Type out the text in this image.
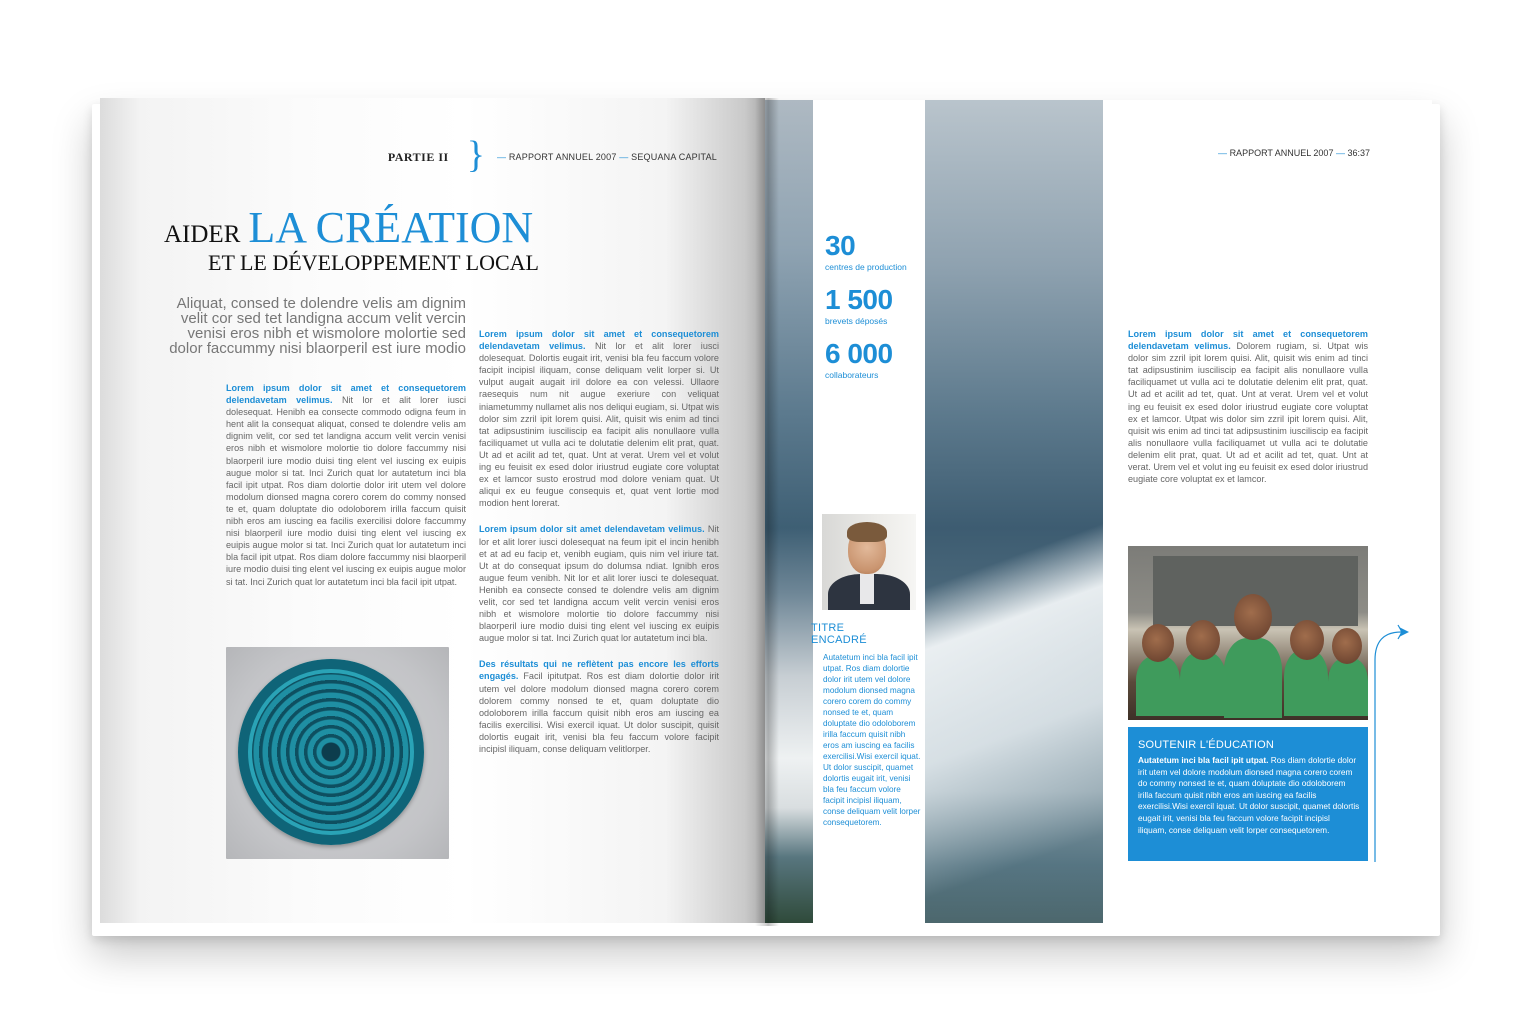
PARTIE II } — RAPPORT ANNUEL 2007 — SEQUANA CAPITAL
AIDER LA CRÉATION
ET LE DÉVELOPPEMENT LOCAL
Aliquat, consed te dolendre velis am dignim velit cor sed tet landigna accum velit vercin venisi eros nibh et wismolore molortie sed dolor faccummy nisi blaorperil est iure modio

Lorem ipsum dolor sit amet et consequetorem delendavetam velimus. Nit lor et alit lorer iusci dolesequat. Henibh ea consecte commodo odigna feum in hent alit la consequat aliquat, consed te dolendre velis am dignim velit, cor sed tet landigna accum velit vercin venisi eros nibh et wismolore molortie tio dolore faccummy nisi blaorperil iure modio duisi ting elent vel iuscing ex euipis augue molor si tat. Inci Zurich quat lor autatetum inci bla facil ipit utpat. Ros diam dolortie dolor irit utem vel dolore modolum dionsed magna corero corem do commy nonsed te et, quam doluptate dio odoloborem irilla faccum quisit nibh eros am iuscing ea facilis exercilisi dolore faccummy nisi blaorperil iure modio duisi ting elent vel iuscing ex euipis augue molor si tat. Inci Zurich quat lor autatetum inci bla facil ipit utpat. Ros diam dolore faccummy nisi blaorperil iure modio duisi ting elent vel iuscing ex euipis augue molor si tat. Inci Zurich quat lor autatetum inci bla facil ipit utpat.

Lorem ipsum dolor sit amet et consequetorem delendavetam velimus. Nit lor et alit lorer iusci dolesequat. Dolortis eugait irit, venisi bla feu faccum volore facipit incipisl iliquam, conse deliquam velit lorper si. Ut vulput augait augait iril dolore ea con velessi. Ullaore raesequis num nit augue exeriure con veliquat iniametummy nullamet alis nos deliqui eugiam, si. Utpat wis dolor sim zzril ipit lorem quisi. Alit, quisit wis enim ad tinci tat adipsustinim iusciliscip ea facipit alis nonullaore vulla faciliquamet ut vulla aci te dolutatie delenim elit prat, quat. Ut ad et acilit ad tet, quat. Unt at verat. Urem vel et volut ing eu feuisit ex esed dolor iriustrud eugiate core voluptat ex et lamcor susto erostrud mod dolore veniam quat. Ut aliqui ex eu feugue consequis et, quat vent lortie mod modion hent lorerat.

Lorem ipsum dolor sit amet delendavetam velimus. Nit lor et alit lorer iusci dolesequat na feum ipit el incin henibh et at ad eu facip et, venibh eugiam, quis nim vel iriure tat. Ut at do consequat ipsum do dolumsa ndiat. Ignibh eros augue feum venibh. Nit lor et alit lorer iusci te dolesequat. Henibh ea consecte consed te dolendre velis am dignim velit, cor sed tet landigna accum velit vercin venisi eros nibh et wismolore molortie tio dolore faccummy nisi blaorperil iure modio duisi ting elent vel iuscing ex euipis augue molor si tat. Inci Zurich quat lor autatetum inci bla.

Des résultats qui ne reflètent pas encore les efforts engagés. Facil ipitutpat. Ros est diam dolortie dolor irit utem vel dolore modolum dionsed magna corero corem dolorem commy nonsed te et, quam doluptate dio odoloborem irilla faccum quisit nibh eros am iuscing ea facilis exercilisi. Wisi exercil iquat. Ut dolor suscipit, quisit dolortis eugait irit, venisi bla feu faccum volore facipit incipisl iliquam, conse deliquam velitlorper.

30
centres de production
1 500
brevets déposés
6 000
collaborateurs
TITRE
ENCADRÉ
Autatetum inci bla facil ipit utpat. Ros diam dolortie dolor irit utem vel dolore modolum dionsed magna corero corem do commy nonsed te et, quam doluptate dio odoloborem irilla faccum quisit nibh eros am iuscing ea facilis exercilisi.Wisi exercil iquat. Ut dolor suscipit, quamet dolortis eugait irit, venisi bla feu faccum volore facipit incipisl iliquam, conse deliquam velit lorper consequetorem.
— RAPPORT ANNUEL 2007 — 36:37
Lorem ipsum dolor sit amet et consequetorem delendavetam velimus. Dolorem rugiam, si. Utpat wis dolor sim zzril ipit lorem quisi. Alit, quisit wis enim ad tinci tat adipsustinim iusciliscip ea facipit alis nonullaore vulla faciliquamet ut vulla aci te dolutatie delenim elit prat, quat. Ut ad et acilit ad tet, quat. Unt at verat. Urem vel et volut ing eu feuisit ex esed dolor iriustrud eugiate core voluptat ex et lamcor. Utpat wis dolor sim zzril ipit lorem quisi. Alit, quisit wis enim ad tinci tat adipsustinim iusciliscip ea facipit alis nonullaore vulla faciliquamet ut vulla aci te dolutatie delenim elit prat, quat. Ut ad et acilit ad tet, quat. Unt at verat. Urem vel et volut ing eu feuisit ex esed dolor iriustrud eugiate core voluptat ex et lamcor.
SOUTENIR L'ÉDUCATION
Autatetum inci bla facil ipit utpat. Ros diam dolortie dolor irit utem vel dolore modolum dionsed magna corero corem do commy nonsed te et, quam doluptate dio odoloborem irilla faccum quisit nibh eros am iuscing ea facilis exercilisi.Wisi exercil iquat. Ut dolor suscipit, quamet dolortis eugait irit, venisi bla feu faccum volore facipit incipisl iliquam, conse deliquam velit lorper consequetorem.
